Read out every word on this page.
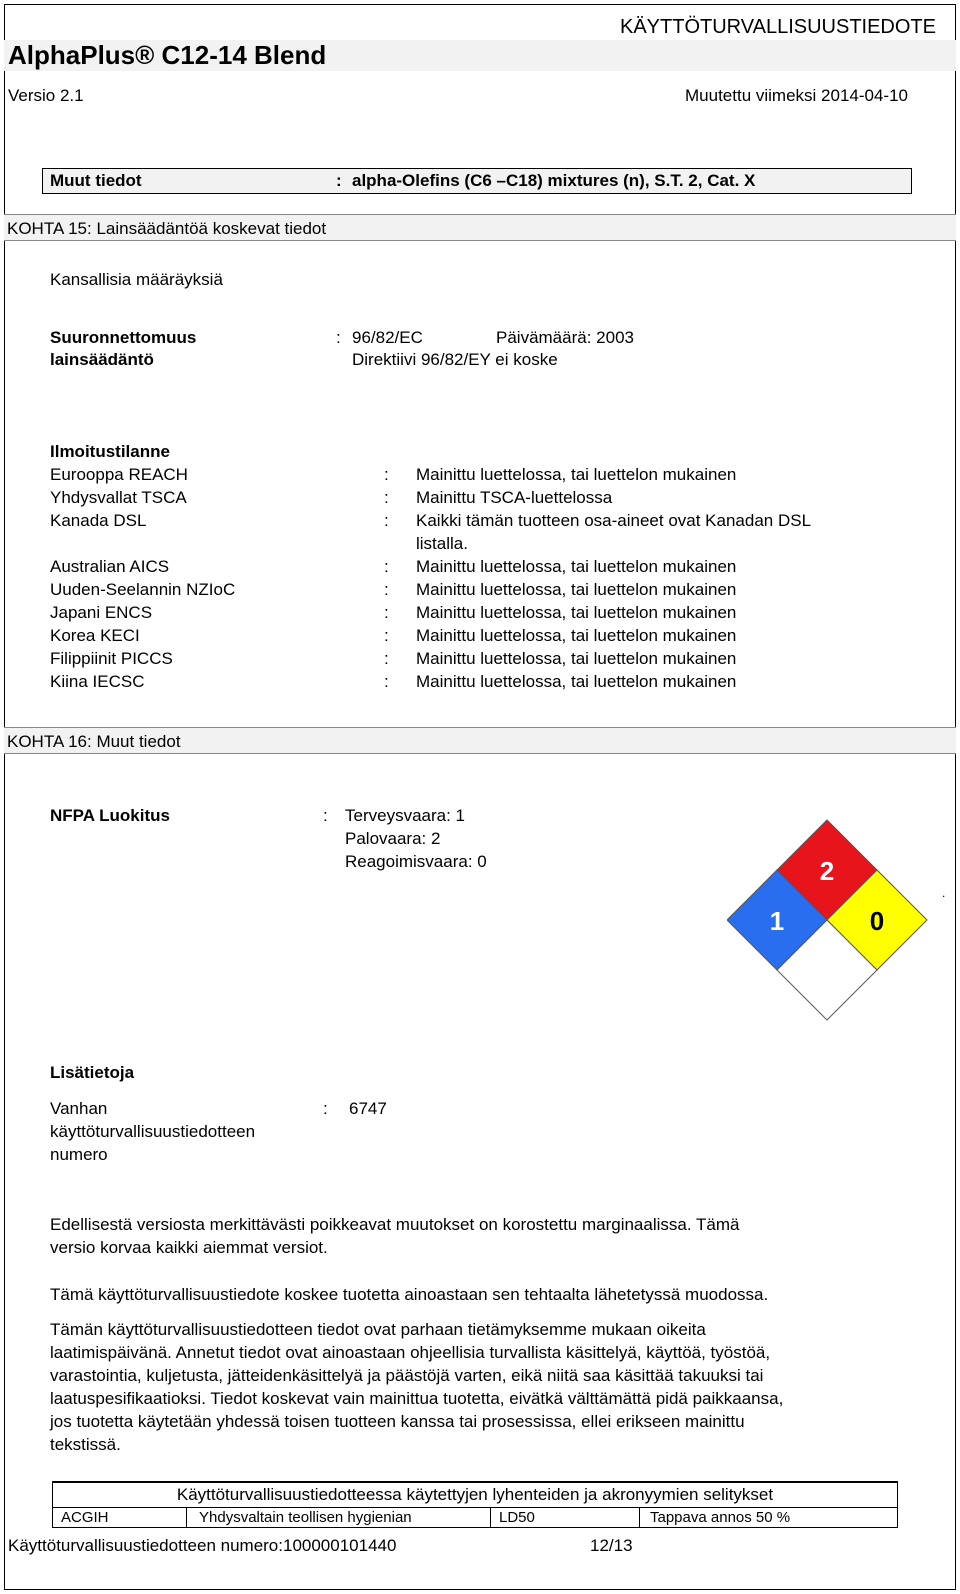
KÄYTTÖTURVALLISUUSTIEDOTE
AlphaPlus® C12-14 Blend
Versio 2.1	Muutettu viimeksi 2014-04-10
Muut tiedot	: alpha-Olefins (C6 –C18) mixtures (n), S.T. 2, Cat. X
KOHTA 15: Lainsäädäntöä koskevat tiedot
Kansallisia määräyksiä
Suuronnettomuus
lainsäädäntö
: 96/82/EC	Päivämäärä: 2003
Direktiivi 96/82/EY ei koske
Ilmoitustilanne
Eurooppa REACH	: Mainittu luettelossa, tai luettelon mukainen
Yhdysvallat TSCA	: Mainittu TSCA-luettelossa
Kanada DSL	: Kaikki tämän tuotteen osa-aineet ovat Kanadan DSL
listalla.
Australian AICS	: Mainittu luettelossa, tai luettelon mukainen
Uuden-Seelannin NZIoC	: Mainittu luettelossa, tai luettelon mukainen
Japani ENCS	: Mainittu luettelossa, tai luettelon mukainen
Korea KECI	: Mainittu luettelossa, tai luettelon mukainen
Filippiinit PICCS	: Mainittu luettelossa, tai luettelon mukainen
Kiina IECSC	: Mainittu luettelossa, tai luettelon mukainen
KOHTA 16: Muut tiedot
NFPA Luokitus	: Terveysvaara: 1
Palovaara: 2
Reagoimisvaara: 0	2
1	0
.
Lisätietoja
Vanhan
käyttöturvallisuustiedotteen
numero
: 6747
Edellisestä versiosta merkittävästi poikkeavat muutokset on korostettu marginaalissa. Tämä
versio korvaa kaikki aiemmat versiot.
Tämä käyttöturvallisuustiedote koskee tuotetta ainoastaan sen tehtaalta lähetetyssä muodossa.
Tämän käyttöturvallisuustiedotteen tiedot ovat parhaan tietämyksemme mukaan oikeita
laatimispäivänä. Annetut tiedot ovat ainoastaan ohjeellisia turvallista käsittelyä, käyttöä, työstöä,
varastointia, kuljetusta, jätteidenkäsittelyä ja päästöjä varten, eikä niitä saa käsittää takuuksi tai
laatuspesifikaatioksi. Tiedot koskevat vain mainittua tuotetta, eivätkä välttämättä pidä paikkaansa,
jos tuotetta käytetään yhdessä toisen tuotteen kanssa tai prosessissa, ellei erikseen mainittu
tekstissä.
Käyttöturvallisuustiedotteessa käytettyjen lyhenteiden ja akronyymien selitykset
ACGIH	Yhdysvaltain teollisen hygienian	LD50	Tappava annos 50 %
Käyttöturvallisuustiedotteen numero:100000101440	12/13
